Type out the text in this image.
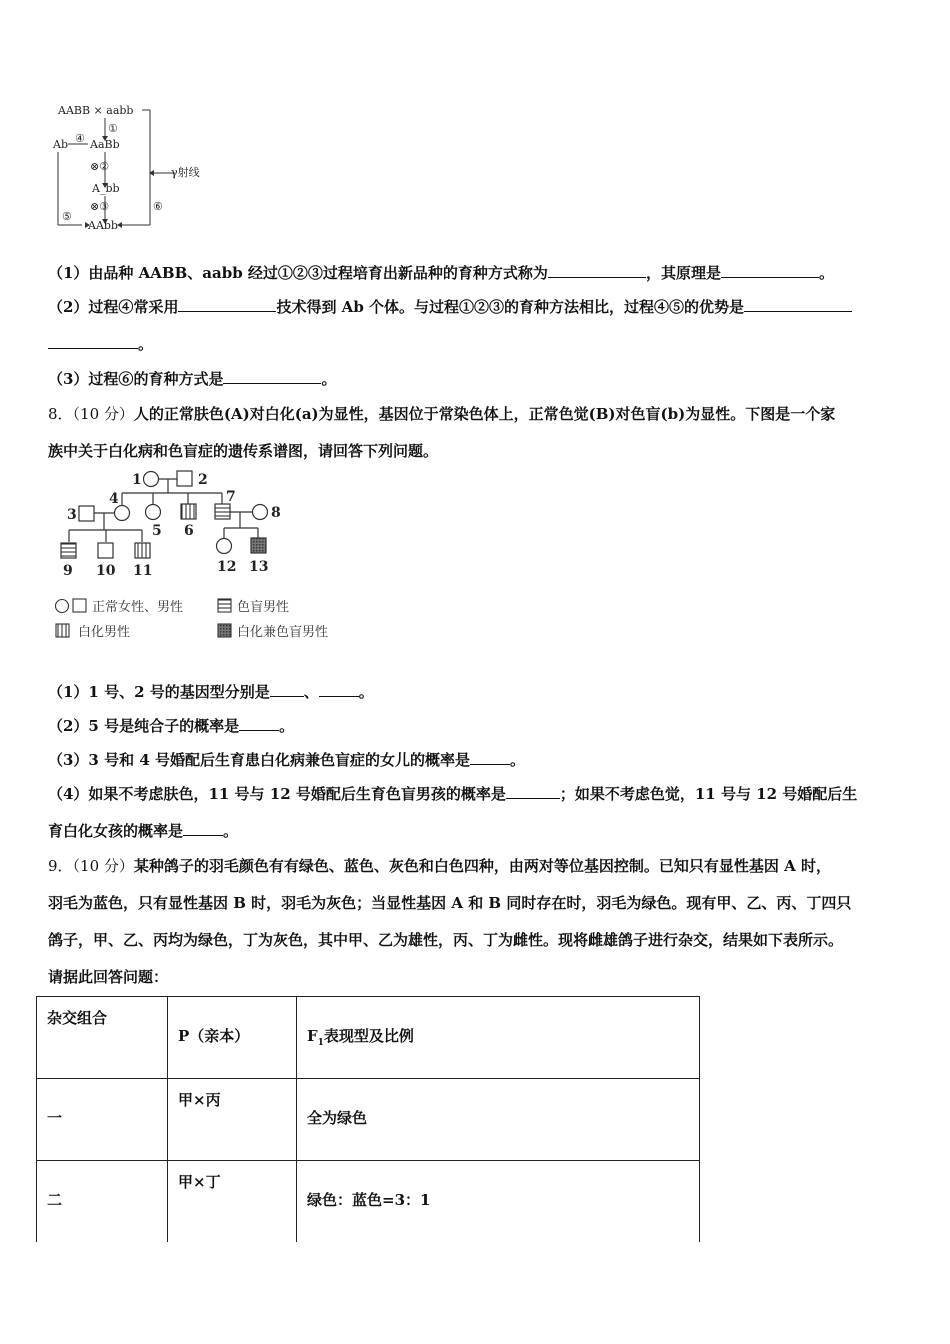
AABB × aabb
①
AaBb
④
Ab
⊗②
A_bb
⊗③
⑤
AAbb
⑥
γ射线
（1）由品种 AABB、aabb 经过①②③过程培育出新品种的育种方式称为	，其原理是	。
（2）过程④常采用	技术得到 Ab 个体。与过程①②③的育种方法相比，过程④⑤的优势是
。
（3）过程⑥的育种方式是	。
8．（10 分）人的正常肤色(A)对白化(a)为显性，基因位于常染色体上，正常色觉(B)对色盲(b)为显性。下图是一个家
族中关于白化病和色盲症的遗传系谱图，请回答下列问题。
1	2
3
4
5 6
7
8
9 10 11	12 13
正常女性、男性	色盲男性
白化男性	白化兼色盲男性
（1）1 号、2 号的基因型分别是 、	。
（2）5 号是纯合子的概率是	。
（3）3 号和 4 号婚配后生育患白化病兼色盲症的女儿的概率是	。
（4）如果不考虑肤色，11 号与 12 号婚配后生育色盲男孩的概率是	；如果不考虑色觉，11 号与 12 号婚配后生
育白化女孩的概率是	。
9．（10 分）某种鸽子的羽毛颜色有有绿色、蓝色、灰色和白色四种，由两对等位基因控制。已知只有显性基因 A 时，
羽毛为蓝色，只有显性基因 B 时，羽毛为灰色；当显性基因 A 和 B 同时存在时，羽毛为绿色。现有甲、乙、丙、丁四只
鸽子，甲、乙、丙均为绿色，丁为灰色，其中甲、乙为雄性，丙、丁为雌性。现将雌雄鸽子进行杂交，结果如下表所示。
请据此回答问题：
杂交组合	P（亲本）	$F_1$表现型及比例

一	甲×丙	全为绿色

二	甲×丁	绿色：蓝色=3：1
